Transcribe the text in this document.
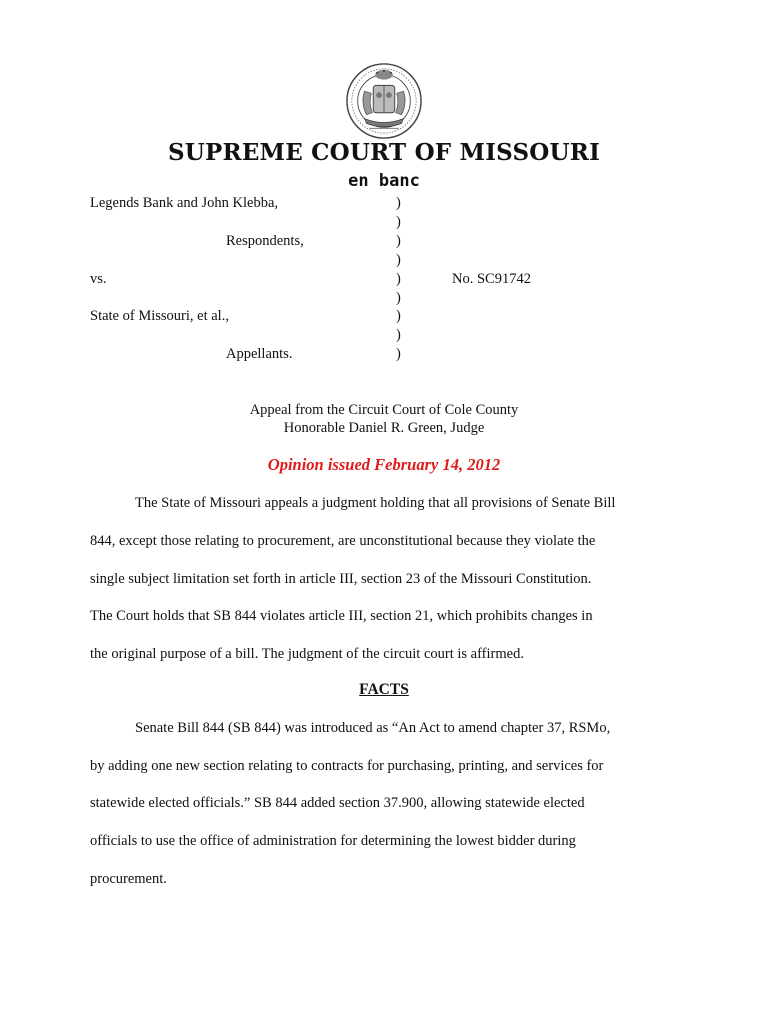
SUPREME COURT OF MISSOURI
en banc
Legends Bank and John Klebba,
Respondents,
vs.	No. SC91742
State of Missouri, et al.,
Appellants.
)
)
)
)
)
)
)
)
)
Appeal from the Circuit Court of Cole County
Honorable Daniel R. Green, Judge
Opinion issued February 14, 2012
The State of Missouri appeals a judgment holding that all provisions of Senate Bill
844, except those relating to procurement, are unconstitutional because they violate the
single subject limitation set forth in article III, section 23 of the Missouri Constitution.
The Court holds that SB 844 violates article III, section 21, which prohibits changes in
the original purpose of a bill. The judgment of the circuit court is affirmed.
FACTS
Senate Bill 844 (SB 844) was introduced as “An Act to amend chapter 37, RSMo,
by adding one new section relating to contracts for purchasing, printing, and services for
statewide elected officials.” SB 844 added section 37.900, allowing statewide elected
officials to use the office of administration for determining the lowest bidder during
procurement.
